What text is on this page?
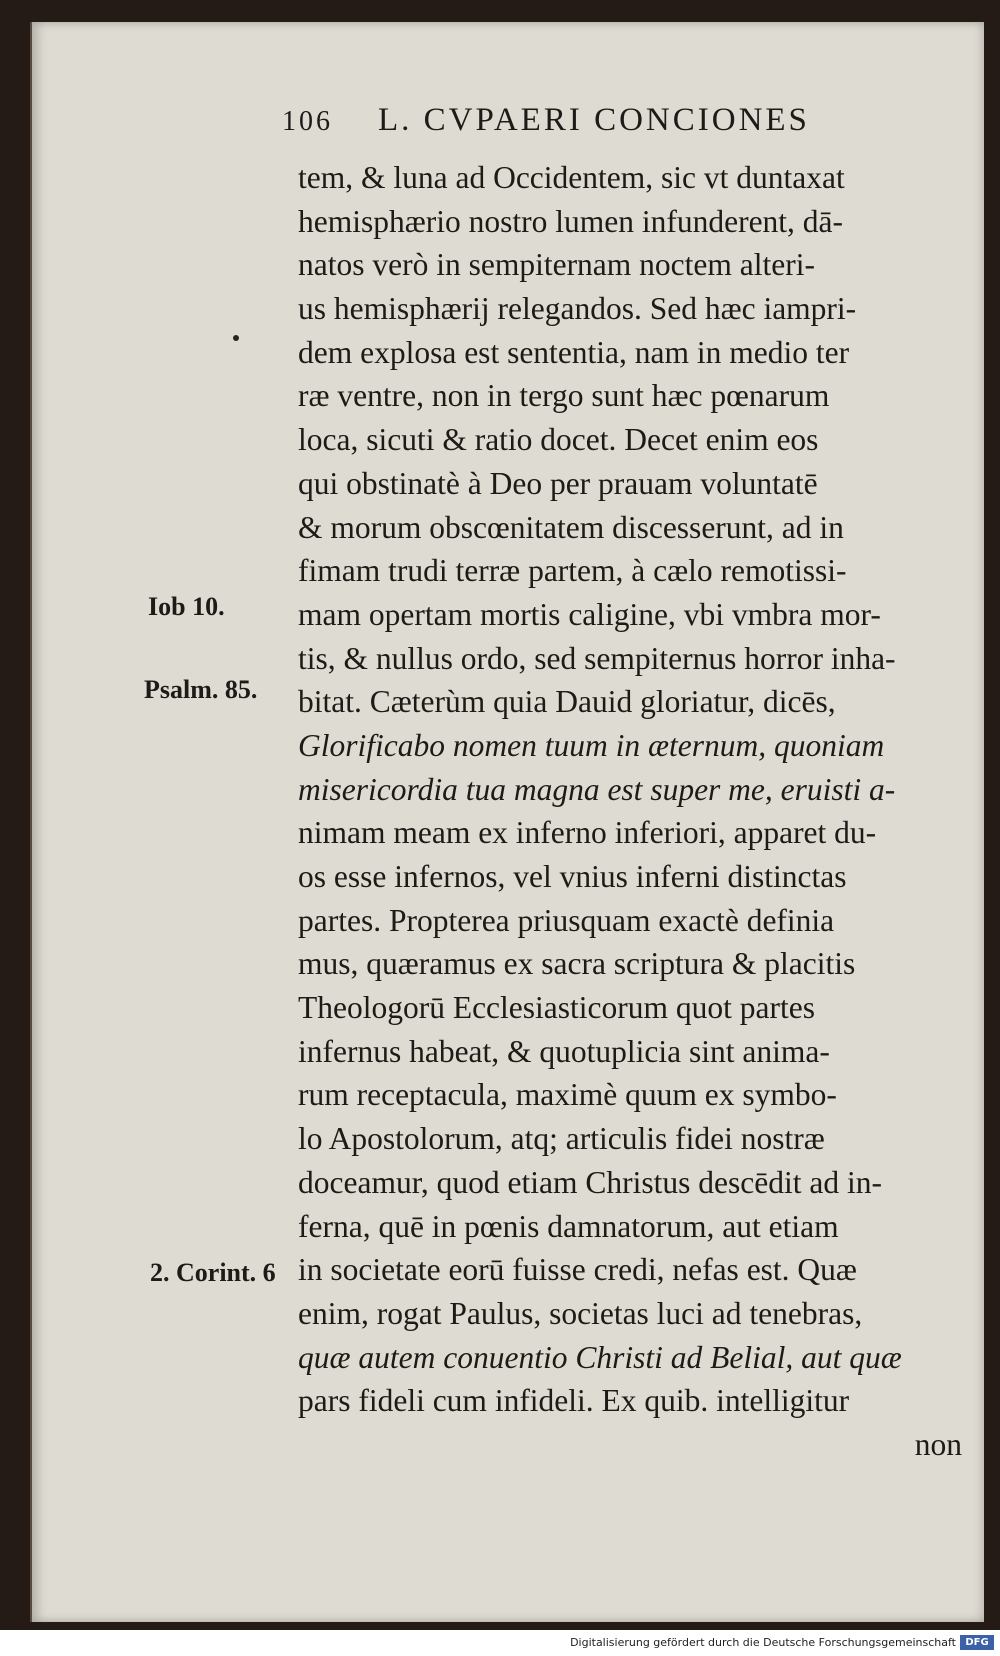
106 L. CVPAERI CONCIONES
Iob 10.
Psalm. 85.
2. Corint. 6
tem, & luna ad Occidentem, sic vt duntaxat
hemisphærio nostro lumen infunderent, dā-
natos verò in sempiternam noctem alteri-
us hemisphærij relegandos. Sed hæc iampri-
dem explosa est sententia, nam in medio ter
ræ ventre, non in tergo sunt hæc pœnarum
loca, sicuti & ratio docet. Decet enim eos
qui obstinatè à Deo per prauam voluntatē
& morum obscœnitatem discesserunt, ad in
fimam trudi terræ partem, à cælo remotissi-
mam opertam mortis caligine, vbi vmbra mor-
tis, & nullus ordo, sed sempiternus horror inha-
bitat. Cæterùm quia Dauid gloriatur, dicēs,
Glorificabo nomen tuum in æternum, quoniam
misericordia tua magna est super me, eruisti a-
nimam meam ex inferno inferiori, apparet du-
os esse infernos, vel vnius inferni distinctas
partes. Propterea priusquam exactè definia
mus, quæramus ex sacra scriptura & placitis
Theologorū Ecclesiasticorum quot partes
infernus habeat, & quotuplicia sint anima-
rum receptacula, maximè quum ex symbo-
lo Apostolorum, atq; articulis fidei nostræ
doceamur, quod etiam Christus descēdit ad in-
ferna, quē in pœnis damnatorum, aut etiam
in societate eorū fuisse credi, nefas est. Quæ
enim, rogat Paulus, societas luci ad tenebras,
quæ autem conuentio Christi ad Belial, aut quæ
pars fideli cum infideli. Ex quib. intelligitur
non
Digitalisierung gefördert durch die Deutsche Forschungsgemeinschaft DFG
